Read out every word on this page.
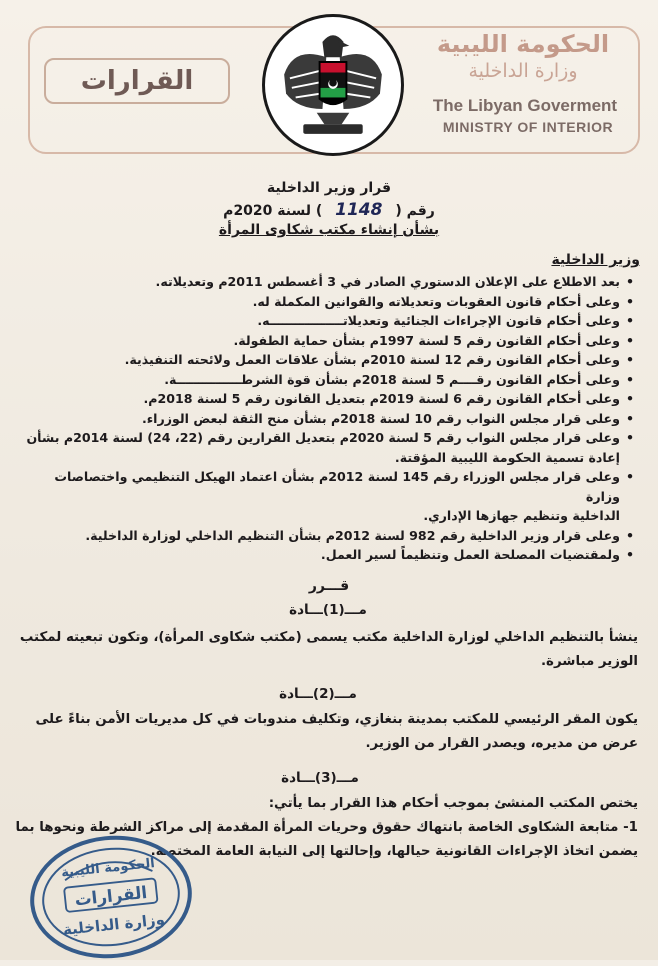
القرارات
الحكومة الليبية
وزارة الداخلية
The Libyan Goverment
MINISTRY OF INTERIOR
قرار وزير الداخلية
رقم ( 1148 ) لسنة 2020م
بشأن إنشاء مكتب شكاوى المرأة
وزير الداخلية
• بعد الاطلاع على الإعلان الدستوري الصادر في 3 أغسطس 2011م وتعديلاته.
• وعلى أحكام قانون العقوبات وتعديلاته والقوانين المكملة له.
• وعلى أحكام قانون الإجراءات الجنائية وتعديلاتـــــــــــــــــه.
• وعلى أحكام القانون رقم 5 لسنة 1997م بشأن حماية الطفولة.
• وعلى أحكام القانون رقم 12 لسنة 2010م بشأن علاقات العمل ولائحته التنفيذية.
• وعلى أحكام القانون رقــــم 5 لسنة 2018م بشأن قوة الشرطـــــــــــــــة.
• وعلى أحكام القانون رقم 6 لسنة 2019م بتعديل القانون رقم 5 لسنة 2018م.
• وعلى قرار مجلس النواب رقم 10 لسنة 2018م بشأن منح الثقة لبعض الوزراء.
• وعلى قرار مجلس النواب رقم 5 لسنة 2020م بتعديل القرارين رقم (22، 24) لسنة 2014م بشأن
إعادة تسمية الحكومة الليبية المؤقتة.
• وعلى قرار مجلس الوزراء رقم 145 لسنة 2012م بشأن اعتماد الهيكل التنظيمي واختصاصات وزارة
الداخلية وتنظيم جهازها الإداري.
• وعلى قرار وزير الداخلية رقم 982 لسنة 2012م بشأن التنظيم الداخلي لوزارة الداخلية.
• ولمقتضيات المصلحة العمل وتنظيماً لسير العمل.
قـــرر
مـــ(1)ـــادة
ينشأ بالتنظيم الداخلي لوزارة الداخلية مكتب يسمى (مكتب شكاوى المرأة)، وتكون تبعيته لمكتب الوزير مباشرة.
مـــ(2)ـــادة
يكون المقر الرئيسي للمكتب بمدينة بنغازي، وتكليف مندوبات في كل مديريات الأمن بناءً على عرض من مديره، ويصدر القرار من الوزير.
مـــ(3)ـــادة
يختص المكتب المنشئ بموجب أحكام هذا القرار بما يأتي:
1- متابعة الشكاوى الخاصة بانتهاك حقوق وحريات المرأة المقدمة إلى مراكز الشرطة ونحوها بما يضمن اتخاذ الإجراءات القانونية حيالها، وإحالتها إلى النيابة العامة المختصة.
الحكومة الليبية
القرارات
وزارة الداخلية
